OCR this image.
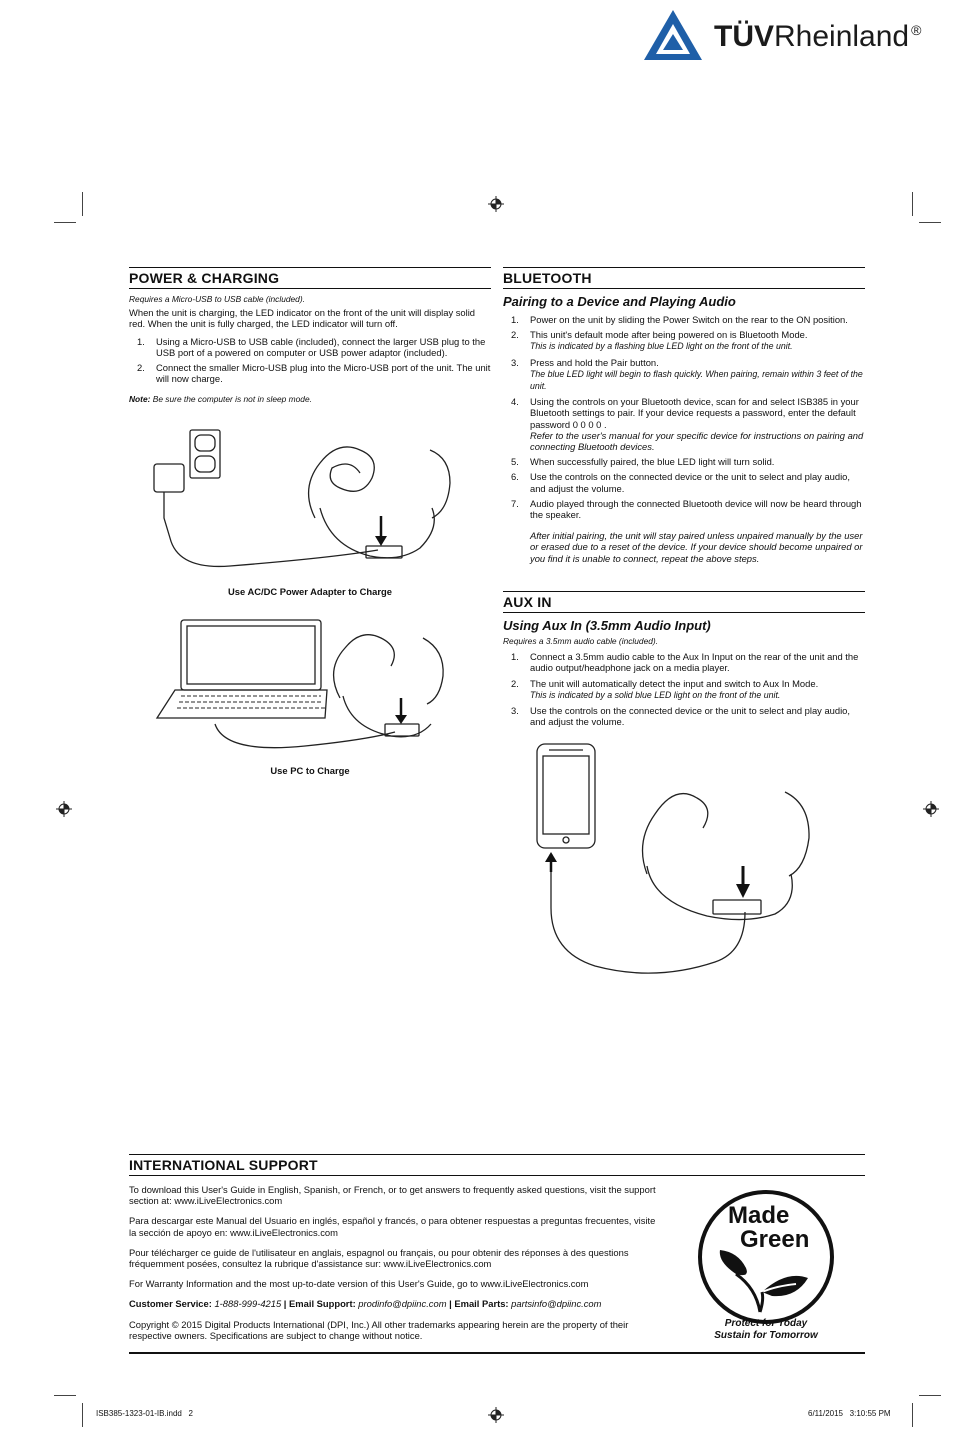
TÜVRheinland ®
POWER & CHARGING
Requires a Micro-USB to USB cable (included).
When the unit is charging, the LED indicator on the front of the unit will display solid red. When the unit is fully charged, the LED indicator will turn off.
1. Using a Micro-USB to USB cable (included), connect the larger USB plug to the USB port of a powered on computer or USB power adaptor (included).
2. Connect the smaller Micro-USB plug into the Micro-USB port of the unit. The unit will now charge.
Note: Be sure the computer is not in sleep mode.
Use AC/DC Power Adapter to Charge
Use PC to Charge
BLUETOOTH
Pairing to a Device and Playing Audio
1. Power on the unit by sliding the Power Switch on the rear to the ON position.
2. This unit's default mode after being powered on is Bluetooth Mode.
This is indicated by a flashing blue LED light on the front of the unit.
3. Press and hold the Pair button.
The blue LED light will begin to flash quickly. When pairing, remain within 3 feet of the unit.
4. Using the controls on your Bluetooth device, scan for and select ISB385 in your Bluetooth settings to pair. If your device requests a password, enter the default password 0 0 0 0 .
Refer to the user's manual for your specific device for instructions on pairing and connecting Bluetooth devices.
5. When successfully paired, the blue LED light will turn solid.
6. Use the controls on the connected device or the unit to select and play audio, and adjust the volume.
7. Audio played through the connected Bluetooth device will now be heard through the speaker.
After initial pairing, the unit will stay paired unless unpaired manually by the user or erased due to a reset of the device. If your device should become unpaired or you find it is unable to connect, repeat the above steps.
AUX IN
Using Aux In (3.5mm Audio Input)
Requires a 3.5mm audio cable (included).
1. Connect a 3.5mm audio cable to the Aux In Input on the rear of the unit and the audio output/headphone jack on a media player.
2. The unit will automatically detect the input and switch to Aux In Mode.
This is indicated by a solid blue LED light on the front of the unit.
3. Use the controls on the connected device or the unit to select and play audio, and adjust the volume.
INTERNATIONAL SUPPORT
To download this User's Guide in English, Spanish, or French, or to get answers to frequently asked questions, visit the support section at: www.iLiveElectronics.com
Para descargar este Manual del Usuario en inglés, español y francés, o para obtener respuestas a preguntas frecuentes, visite la sección de apoyo en: www.iLiveElectronics.com
Pour télécharger ce guide de l'utilisateur en anglais, espagnol ou français, ou pour obtenir des réponses à des questions fréquemment posées, consultez la rubrique d'assistance sur: www.iLiveElectronics.com
For Warranty Information and the most up-to-date version of this User's Guide, go to www.iLiveElectronics.com
Customer Service: 1-888-999-4215 | Email Support: prodinfo@dpiinc.com | Email Parts: partsinfo@dpiinc.com
Copyright © 2015 Digital Products International (DPI, Inc.) All other trademarks appearing herein are the property of their respective owners. Specifications are subject to change without notice.
Made
Green
Protect for Today
Sustain for Tomorrow
ISB385-1323-01-IB.indd   2	6/11/2015   3:10:55 PM
